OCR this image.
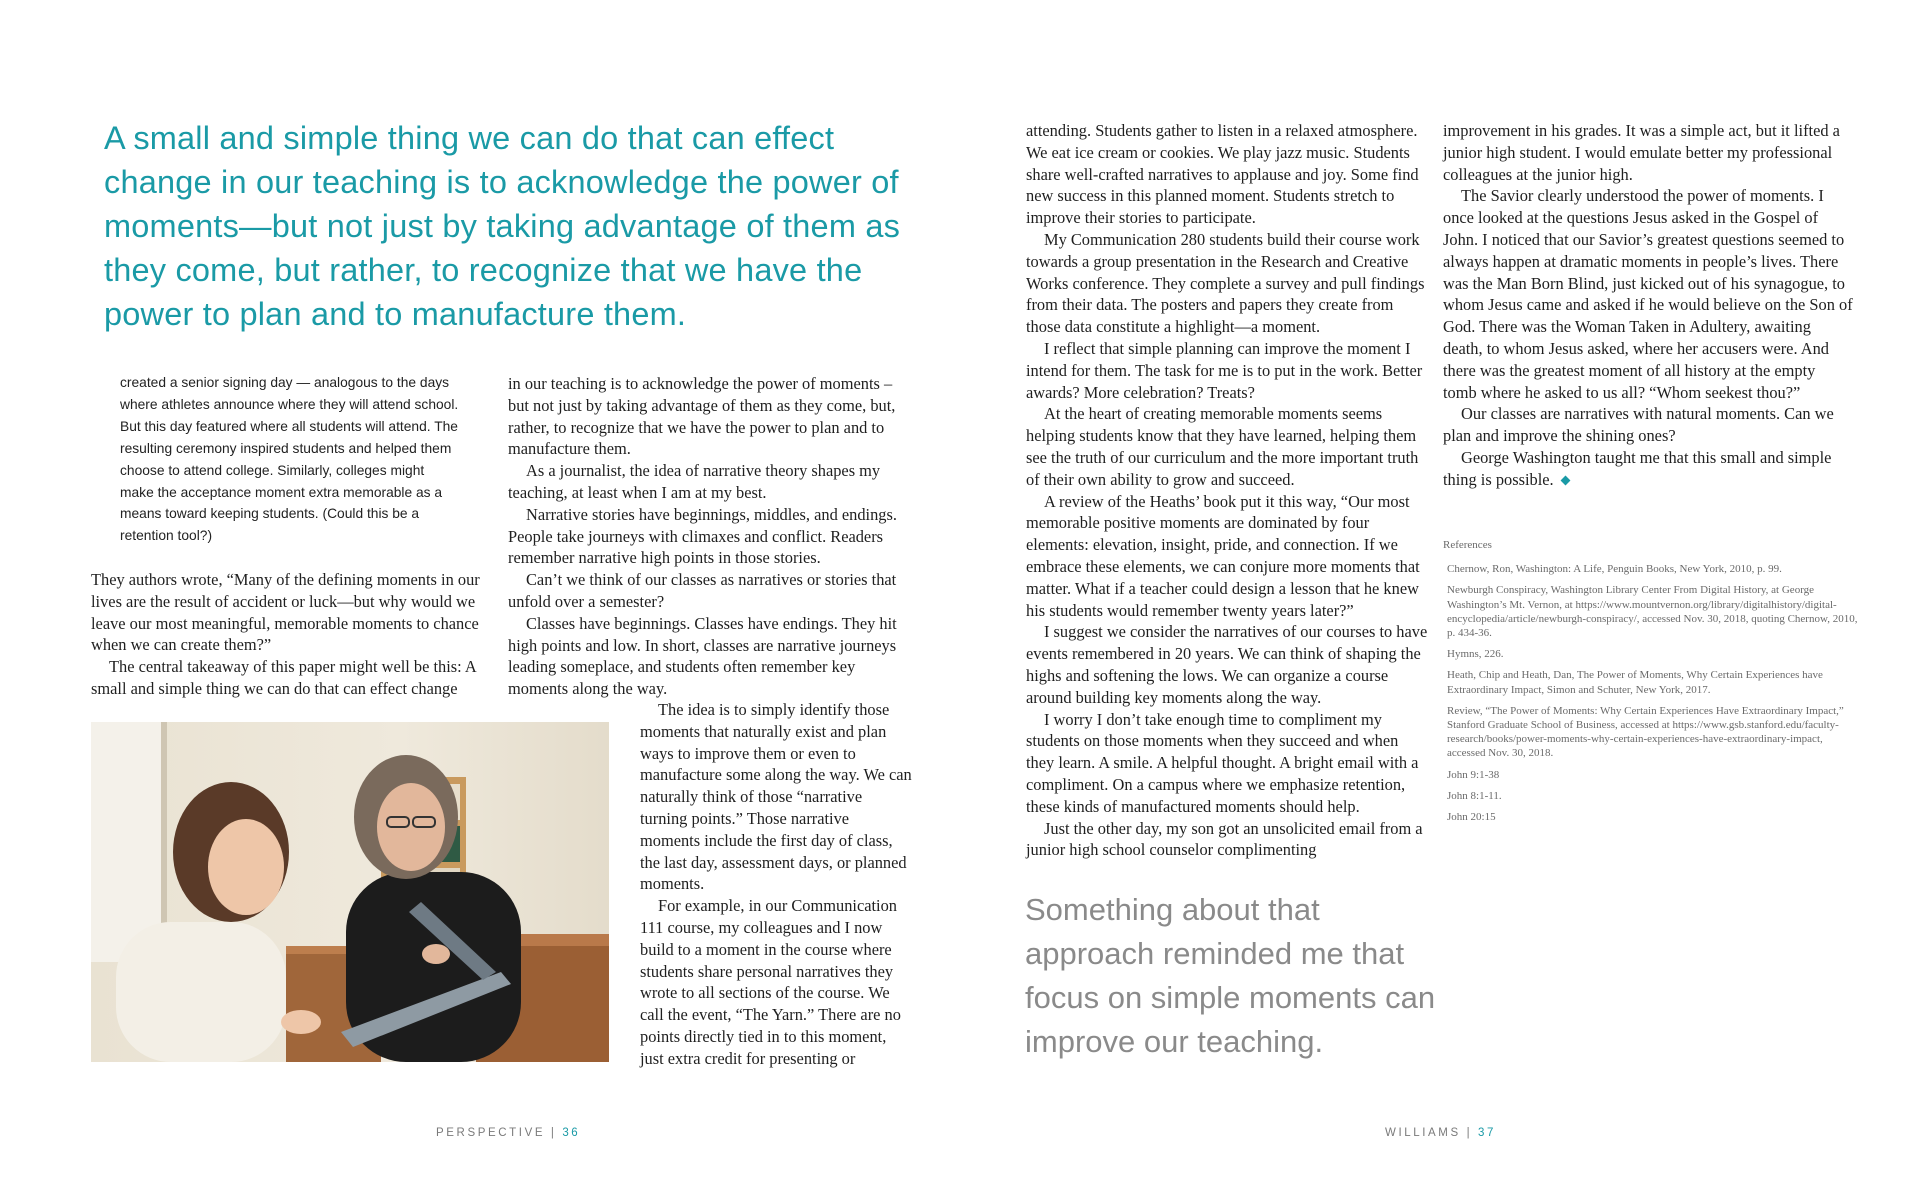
A small and simple thing we can do that can effect change in our teaching is to acknowledge the power of moments—but not just by taking advantage of them as they come, but rather, to recognize that we have the power to plan and to manufacture them.
created a senior signing day — analogous to the days where athletes announce where they will attend school. But this day featured where all students will attend. The resulting ceremony inspired students and helped them choose to attend college. Similarly, colleges might make the acceptance moment extra memorable as a means toward keeping students. (Could this be a retention tool?)

They authors wrote, “Many of the defining moments in our lives are the result of accident or luck—but why would we leave our most meaningful, memorable moments to chance when we can create them?”

The central takeaway of this paper might well be this: A small and simple thing we can do that can effect change

in our teaching is to acknowledge the power of moments – but not just by taking advantage of them as they come, but, rather, to recognize that we have the power to plan and to manufacture them.

As a journalist, the idea of narrative theory shapes my teaching, at least when I am at my best.

Narrative stories have beginnings, middles, and endings. People take journeys with climaxes and conflict. Readers remember narrative high points in those stories.

Can’t we think of our classes as narratives or stories that unfold over a semester?

Classes have beginnings. Classes have endings. They hit high points and low. In short, classes are narrative journeys leading someplace, and students often remember key moments along the way.

The idea is to simply identify those moments that naturally exist and plan ways to improve them or even to manufacture some along the way. We can naturally think of those “narrative turning points.” Those narrative moments include the first day of class, the last day, assessment days, or planned moments.

For example, in our Communication 111 course, my colleagues and I now build to a moment in the course where students share personal narratives they wrote to all sections of the course. We call the event, “The Yarn.” There are no points directly tied in to this moment, just extra credit for presenting or

attending. Students gather to listen in a relaxed atmosphere. We eat ice cream or cookies. We play jazz music. Students share well-crafted narratives to applause and joy. Some find new success in this planned moment. Students stretch to improve their stories to participate.

My Communication 280 students build their course work towards a group presentation in the Research and Creative Works conference. They complete a survey and pull findings from their data. The posters and papers they create from those data constitute a highlight—a moment.

I reflect that simple planning can improve the moment I intend for them. The task for me is to put in the work. Better awards? More celebration? Treats?

At the heart of creating memorable moments seems helping students know that they have learned, helping them see the truth of our curriculum and the more important truth of their own ability to grow and succeed.

A review of the Heaths’ book put it this way, “Our most memorable positive moments are dominated by four elements: elevation, insight, pride, and connection. If we embrace these elements, we can conjure more moments that matter. What if a teacher could design a lesson that he knew his students would remember twenty years later?”

I suggest we consider the narratives of our courses to have events remembered in 20 years. We can think of shaping the highs and softening the lows. We can organize a course around building key moments along the way.

I worry I don’t take enough time to compliment my students on those moments when they succeed and when they learn. A smile. A helpful thought. A bright email with a compliment. On a campus where we emphasize retention, these kinds of manufactured moments should help.

Just the other day, my son got an unsolicited email from a junior high school counselor complimenting

improvement in his grades. It was a simple act, but it lifted a junior high student. I would emulate better my professional colleagues at the junior high.

The Savior clearly understood the power of moments. I once looked at the questions Jesus asked in the Gospel of John. I noticed that our Savior’s greatest questions seemed to always happen at dramatic moments in people’s lives. There was the Man Born Blind, just kicked out of his synagogue, to whom Jesus came and asked if he would believe on the Son of God. There was the Woman Taken in Adultery, awaiting death, to whom Jesus asked, where her accusers were. And there was the greatest moment of all history at the empty tomb where he asked to us all? “Whom seekest thou?”

Our classes are narratives with natural moments. Can we plan and improve the shining ones?

George Washington taught me that this small and simple thing is possible.

References
Chernow, Ron, Washington: A Life, Penguin Books, New York, 2010, p. 99.
Newburgh Conspiracy, Washington Library Center From Digital History, at George Washington’s Mt. Vernon, at https://www.mountvernon.org/library/digitalhistory/digital-encyclopedia/article/newburgh-conspiracy/, accessed Nov. 30, 2018, quoting Chernow, 2010, p. 434-36.
Hymns, 226.
Heath, Chip and Heath, Dan, The Power of Moments, Why Certain Experiences have Extraordinary Impact, Simon and Schuter, New York, 2017.
Review, “The Power of Moments: Why Certain Experiences Have Extraordinary Impact,” Stanford Graduate School of Business, accessed at https://www.gsb.stanford.edu/faculty-research/books/power-moments-why-certain-experiences-have-extraordinary-impact, accessed Nov. 30, 2018.
John 9:1-38
John 8:1-11.
John 20:15
Something about that approach reminded me that focus on simple moments can improve our teaching.
PERSPECTIVE | 36	WILLIAMS | 37
